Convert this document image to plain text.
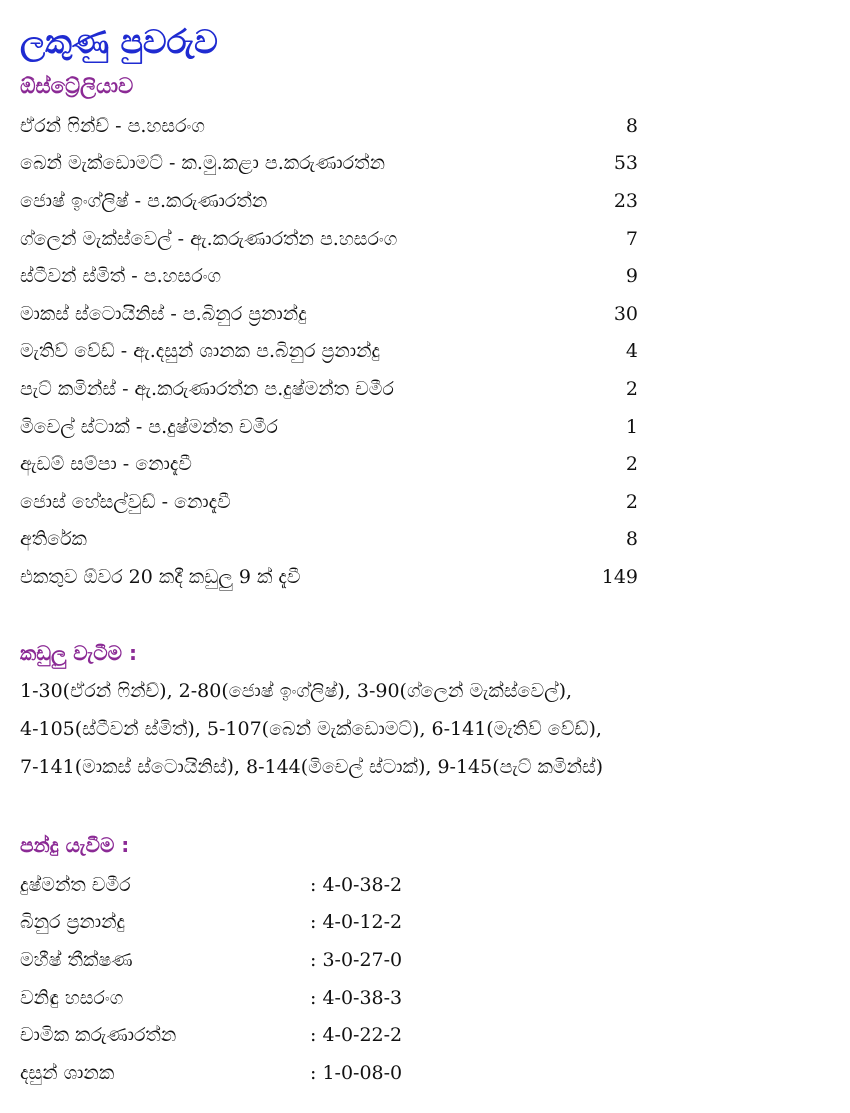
ලකුණු පුවරුව
ඕස්ට්‍රේලියාව
ඒරන් ෆින්ච් - ප.හසරංග	8
බෙන් මැක්ඩොමට් - ක.මු.කළා ප.කරුණාරත්න	53
ජොෂ් ඉංග්ලිෂ් - ප.කරුණාරත්න	23
ග්ලෙන් මැක්ස්වෙල් - ඇ.කරුණාරත්න ප.හසරංග	7
ස්ටීවන් ස්මිත් - ප.හසරංග	9
මාකස් ස්ටොයිනිස් - ප.බිනුර ප්‍රනාන්දු	30
මැතිව් වේඩ් - ඇ.දසුන් ශානක ප.බිනුර ප්‍රනාන්දු	4
පැට් කමින්ස් - ඇ.කරුණාරත්න ප.දුෂ්මන්ත චමීර	2
මිචෙල් ස්ටාක් - ප.දුෂ්මන්ත චමීර	1
ඇඩම් සම්පා - නොදැවී	2
ජොස් හේසල්වුඩ් - නොදැවී	2
අතිරේක	8
එකතුව ඕවර 20 කදී කඩුලු 9 ක් දැවී	149
කඩුලු වැටීම :
1-30(ඒරන් ෆින්ච්), 2-80(ජොෂ් ඉංග්ලිෂ්), 3-90(ග්ලෙන් මැක්ස්වෙල්),
4-105(ස්ටීවන් ස්මිත්), 5-107(බෙන් මැක්ඩොමට්), 6-141(මැතිව් වේඩ්),
7-141(මාකස් ස්ටොයිනිස්), 8-144(මිචෙල් ස්ටාක්), 9-145(පැට් කමින්ස්)
පන්දු යැවීම :
දුෂ්මන්ත චමීර	: 4-0-38-2
බිනුර ප්‍රනාන්දු	: 4-0-12-2
මහීෂ් තීක්ෂණ	: 3-0-27-0
වනිඳු හසරංග	: 4-0-38-3
චාමික කරුණාරත්න	: 4-0-22-2
දසුන් ශානක	: 1-0-08-0
